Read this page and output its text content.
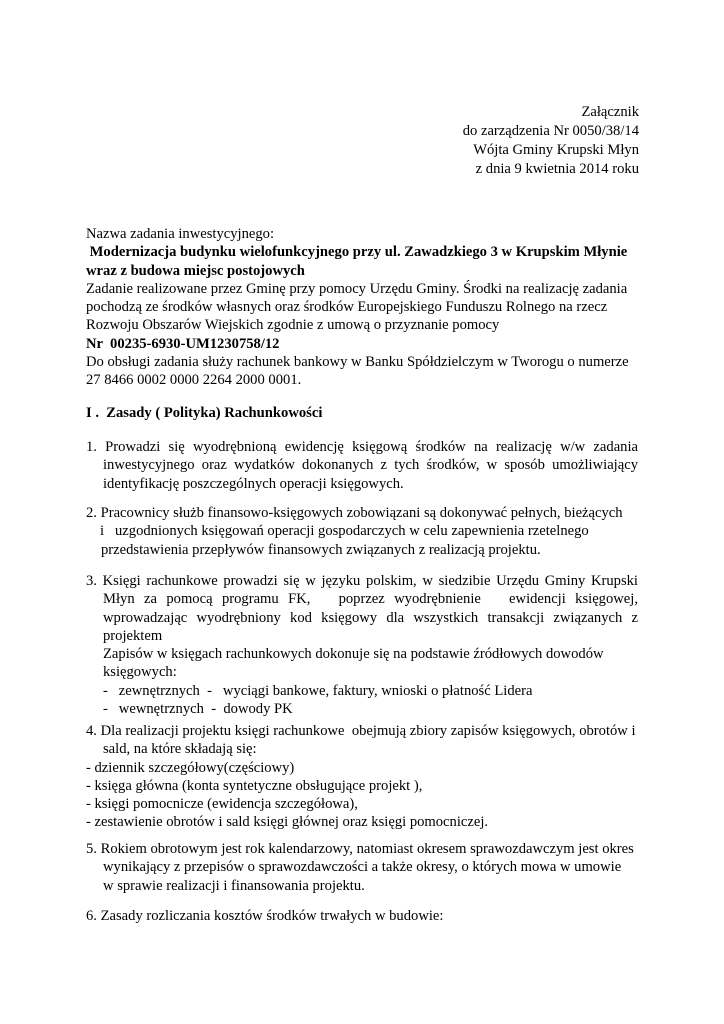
Załącznik
do zarządzenia Nr 0050/38/14
Wójta Gminy Krupski Młyn
z dnia 9 kwietnia 2014 roku
Nazwa zadania inwestycyjnego:
Modernizacja budynku wielofunkcyjnego przy ul. Zawadzkiego 3 w Krupskim Młynie
wraz z budowa miejsc postojowych
Zadanie realizowane przez Gminę przy pomocy Urzędu Gminy. Środki na realizację zadania
pochodzą ze środków własnych oraz środków Europejskiego Funduszu Rolnego na rzecz
Rozwoju Obszarów Wiejskich zgodnie z umową o przyznanie pomocy
Nr  00235-6930-UM1230758/12
Do obsługi zadania służy rachunek bankowy w Banku Spółdzielczym w Tworogu o numerze
27 8466 0002 0000 2264 2000 0001.
I .  Zasady ( Polityka) Rachunkowości
1. Prowadzi się wyodrębnioną ewidencję księgową środków na realizację w/w zadania
inwestycyjnego oraz wydatków dokonanych z tych środków, w sposób umożliwiający
identyfikację poszczególnych operacji księgowych.
2. Pracownicy służb finansowo-księgowych zobowiązani są dokonywać pełnych, bieżących
i   uzgodnionych księgowań operacji gospodarczych w celu zapewnienia rzetelnego
przedstawienia przepływów finansowych związanych z realizacją projektu.
3. Księgi rachunkowe prowadzi się w języku polskim, w siedzibie Urzędu Gminy Krupski
Młyn za pomocą programu FK,   poprzez wyodrębnienie   ewidencji księgowej,
wprowadzając wyodrębniony kod księgowy dla wszystkich transakcji związanych z
projektem
Zapisów w księgach rachunkowych dokonuje się na podstawie źródłowych dowodów
księgowych:
-   zewnętrznych  -   wyciągi bankowe, faktury, wnioski o płatność Lidera
-   wewnętrznych  -  dowody PK
4. Dla realizacji projektu księgi rachunkowe  obejmują zbiory zapisów księgowych, obrotów i
sald, na które składają się:
- dziennik szczegółowy(częściowy)
- księga główna (konta syntetyczne obsługujące projekt ),
- księgi pomocnicze (ewidencja szczegółowa),
- zestawienie obrotów i sald księgi głównej oraz księgi pomocniczej.
5. Rokiem obrotowym jest rok kalendarzowy, natomiast okresem sprawozdawczym jest okres
wynikający z przepisów o sprawozdawczości a także okresy, o których mowa w umowie
w sprawie realizacji i finansowania projektu.
6. Zasady rozliczania kosztów środków trwałych w budowie:
